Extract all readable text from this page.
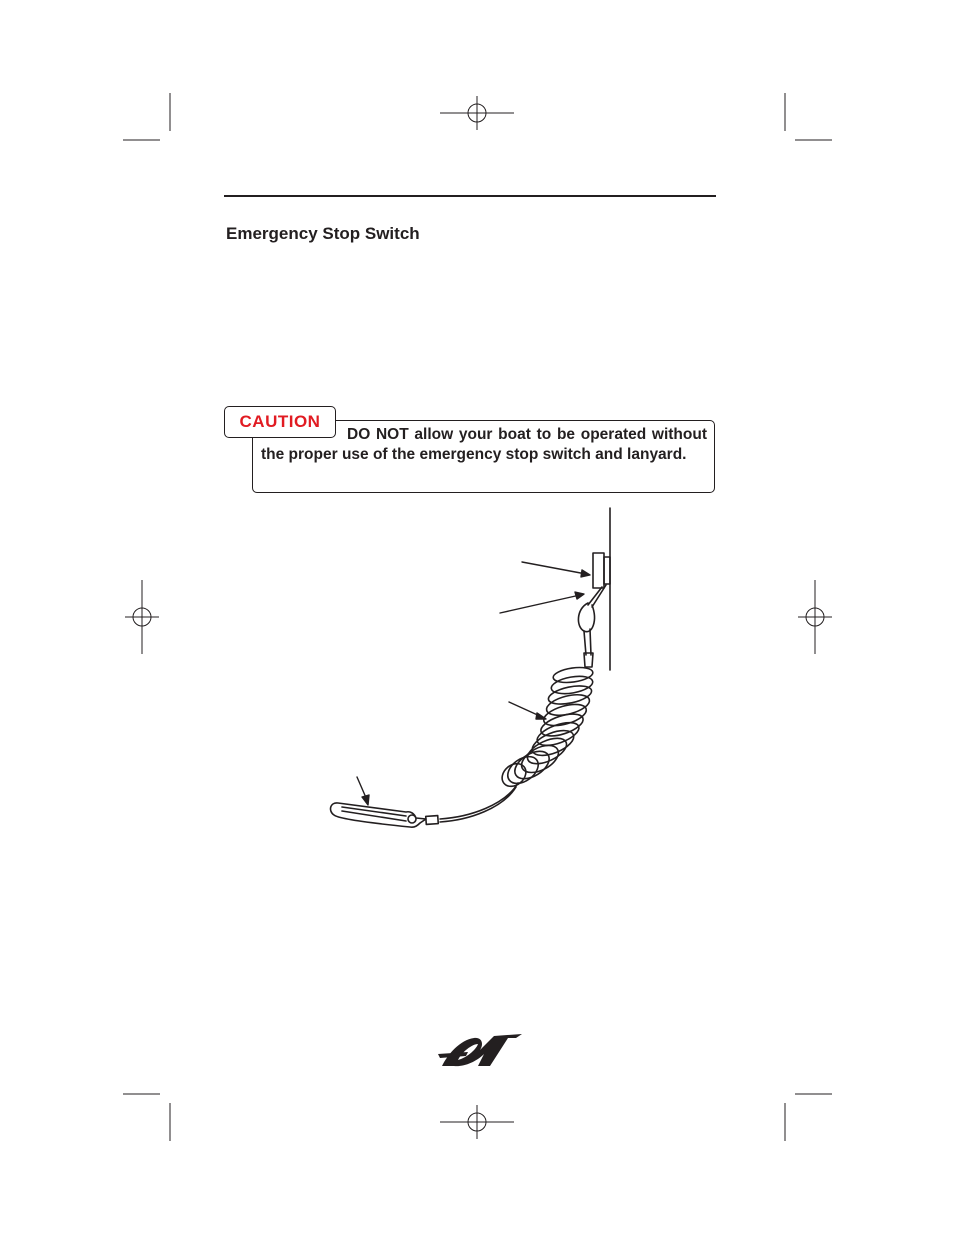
Emergency Stop Switch
CAUTION

DO NOT allow your boat to be operated without the proper use of the emergency stop switch and lanyard.
